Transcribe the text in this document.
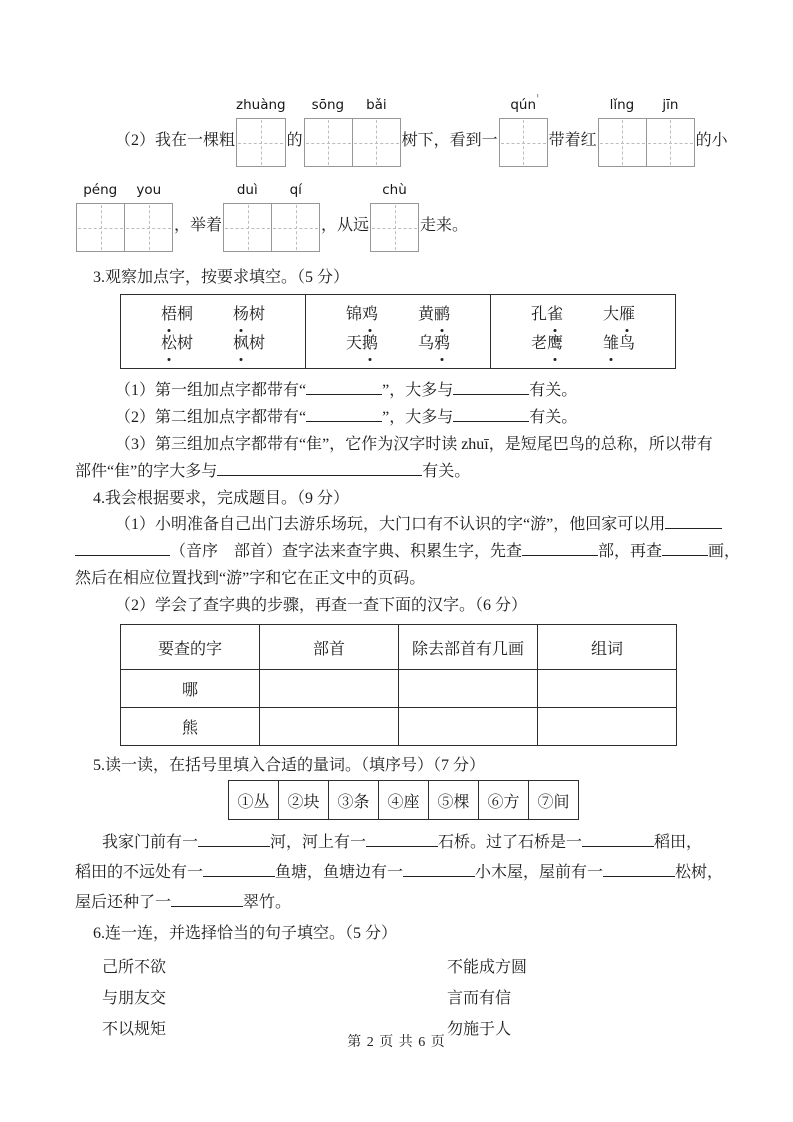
'
（2）我在一棵粗
zhuàng
的
sōng	bǎi
树下，看到一
qún
带着红
lǐng	jīn
的小
péng	you
，举着
duì	qí
，从远
chù
走来。
3.观察加点字，按要求填空。（5 分）
梧桐 杨树
松树 枫树

锦鸡 黄鹂
天鹅 乌鸦

孔雀 大雁
老鹰 雏鸟
（1）第一组加点字都带有“	”，大多与	有关。
（2）第二组加点字都带有“	”，大多与	有关。
（3）第三组加点字都带有“隹”，它作为汉字时读 zhuī，是短尾巴鸟的总称，所以带有
部件“隹”的字大多与	有关。
4.我会根据要求，完成题目。（9 分）
（1）小明准备自己出门去游乐场玩，大门口有不认识的字“游”，他回家可以用
（音序　部首）查字法来查字典、积累生字，先查	部，再查	画，
然后在相应位置找到“游”字和它在正文中的页码。
（2）学会了查字典的步骤，再查一查下面的汉字。（6 分）
要查的字	部首	除去部首有几画	组词
哪			
熊			
5.读一读，在括号里填入合适的量词。（填序号）（7 分）
①丛	②块	③条	④座	⑤棵	⑥方	⑦间
我家门前有一	河，河上有一	石桥。过了石桥是一	稻田，
稻田的不远处有一	鱼塘，鱼塘边有一	小木屋，屋前有一	松树，
屋后还种了一	翠竹。
6.连一连，并选择恰当的句子填空。（5 分）
己所不欲	不能成方圆
与朋友交	言而有信
不以规矩	勿施于人
第 2 页 共 6 页
